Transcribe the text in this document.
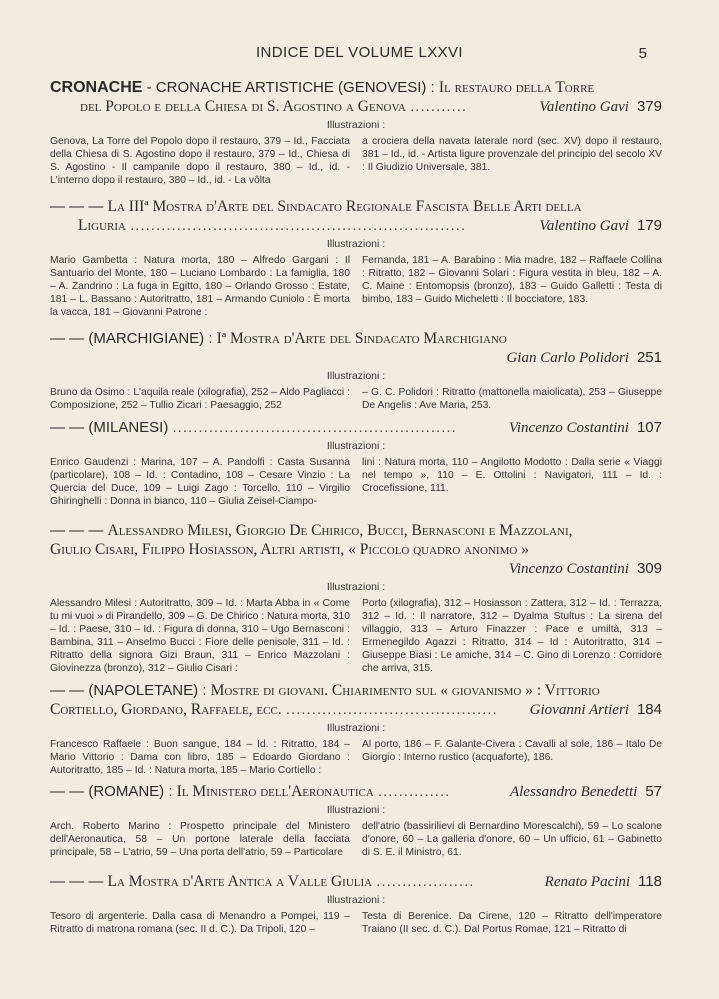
INDICE DEL VOLUME LXXVI	5
CRONACHE - CRONACHE ARTISTICHE (GENOVESI) : Il restauro della Torre
del Popolo e della Chiesa di S. Agostino a Genova ...........	Valentino Gavi 379
Illustrazioni :
Genova, La Torre del Popolo dopo il restauro, 379 – Id., Facciata della Chiesa di S. Agostino dopo il restauro, 379 – Id., Chiesa di S. Agostino - Il campanile dopo il restauro, 380 – Id., id. - L'interno dopo il restauro, 380 – Id., id. - La vôlta
a crociera della navata laterale nord (sec. XV) dopo il restauro, 381 – Id., id. - Artista ligure provenzale del principio del secolo XV : Il Giudizio Universale, 381.
— — — La IIIª Mostra d'Arte del Sindacato Regionale Fascista Belle Arti della
Liguria .................................................................	Valentino Gavi 179
Illustrazioni :
Mario Gambetta : Natura morta, 180 – Alfredo Gargani : Il Santuario del Monte, 180 – Luciano Lombardo : La famiglia, 180 – A. Zandrino : La fuga in Egitto, 180 – Orlando Grosso : Estate, 181 – L. Bassano : Autoritratto, 181 – Armando Cuniolo : È morta la vacca, 181 – Giovanni Patrone :
Fernanda, 181 – A. Barabino : Mia madre, 182 – Raffaele Collina : Ritratto, 182 – Giovanni Solari : Figura vestita in bleu, 182 – A. C. Maine : Entomopsis (bronzo), 183 – Guido Galletti : Testa di bimbo, 183 – Guido Micheletti : Il bocciatore, 183.
— — (MARCHIGIANE) : Iª Mostra d'Arte del Sindacato Marchigiano
Gian Carlo Polidori 251
Illustrazioni :
Bruno da Osimo : L'aquila reale (xilografia), 252 – Aldo Pagliacci : Composizione, 252 – Tullio Zicari : Paesaggio, 252
– G. C. Polidori : Ritratto (mattonella maiolicata), 253 – Giuseppe De Angelis : Ave Maria, 253.
— — (MILANESI) .......................................................	Vincenzo Costantini 107
Illustrazioni :
Enrico Gaudenzi : Marina, 107 – A. Pandolfi : Casta Susanna (particolare), 108 – Id. : Contadino, 108 – Cesare Vinzio : La Quercia del Duce, 109 – Luigi Zago : Torcello, 110 – Virgilio Ghiringhelli : Donna in bianco, 110 – Giulia Zeisel-Ciampo-
lini : Natura morta, 110 – Angilotto Modotto : Dalla serie « Viaggi nel tempo », 110 – E. Ottolini : Navigatori, 111 – Id. : Crocefissione, 111.
— — — Alessandro Milesi, Giorgio De Chirico, Bucci, Bernasconi e Mazzolani,
Giulio Cisari, Filippo Hosiasson, Altri artisti, « Piccolo quadro anonimo »
Vincenzo Costantini 309
Illustrazioni :
Alessandro Milesi : Autoritratto, 309 – Id. : Marta Abba in « Come tu mi vuoi » di Pirandello, 309 – G. De Chirico : Natura morta, 310 – Id. : Paese, 310 – Id. : Figura di donna, 310 – Ugo Bernasconi : Bambina, 311 – Anselmo Bucci : Fiore delle penisole, 311 – Id. : Ritratto della signora Gizi Braun, 311 – Enrico Mazzolani : Giovinezza (bronzo), 312 – Giulio Cisari :
Porto (xilografia), 312 – Hosiasson : Zattera, 312 – Id. : Terrazza, 312 – Id. : Il narratore, 312 – Dyalma Stultus : La sirena del villaggio, 313 – Arturo Finazzer : Pace e umiltà, 313 – Ermenegildo Agazzi : Ritratto, 314 – Id : Autoritratto, 314 – Giuseppe Biasi : Le amiche, 314 – C. Gino di Lorenzo : Corridore che arriva, 315.
— — (NAPOLETANE) : Mostre di giovani. Chiarimento sul « giovanismo » : Vittorio
Cortiello, Giordano, Raffaele, ecc. ......................................... Giovanni Artieri 184
Illustrazioni :
Francesco Raffaele : Buon sangue, 184 – Id. : Ritratto, 184 – Mario Vittorio : Dama con libro, 185 – Edoardo Giordano : Autoritratto, 185 – Id. : Natura morta, 185 – Mario Cortiello :
Al porto, 186 – F. Galante-Civera : Cavalli al sole, 186 – Italo De Giorgio : Interno rustico (acquaforte), 186.
— — (ROMANE) : Il Ministero dell'Aeronautica ..............	Alessandro Benedetti 57
Illustrazioni :
Arch. Roberto Marino : Prospetto principale del Ministero dell'Aeronautica, 58 – Un portone laterale della facciata principale, 58 – L'atrio, 59 – Una porta dell'atrio, 59 – Particolare
dell'atrio (bassirilievi di Bernardino Morescalchi), 59 – Lo scalone d'onore, 60 – La galleria d'onore, 60 – Un ufficio, 61 – Gabinetto di S. E. il Ministro, 61.
— — — La Mostra d'Arte Antica a Valle Giulia ...................	Renato Pacini 118
Illustrazioni :
Tesoro di argenterie. Dalla casa di Menandro a Pompei, 119 – Ritratto di matrona romana (sec. II d. C.). Da Tripoli, 120 –
Testa di Berenice. Da Cirene, 120 – Ritratto dell'imperatore Traiano (II sec. d. C.). Dal Portus Romae, 121 – Ritratto di
